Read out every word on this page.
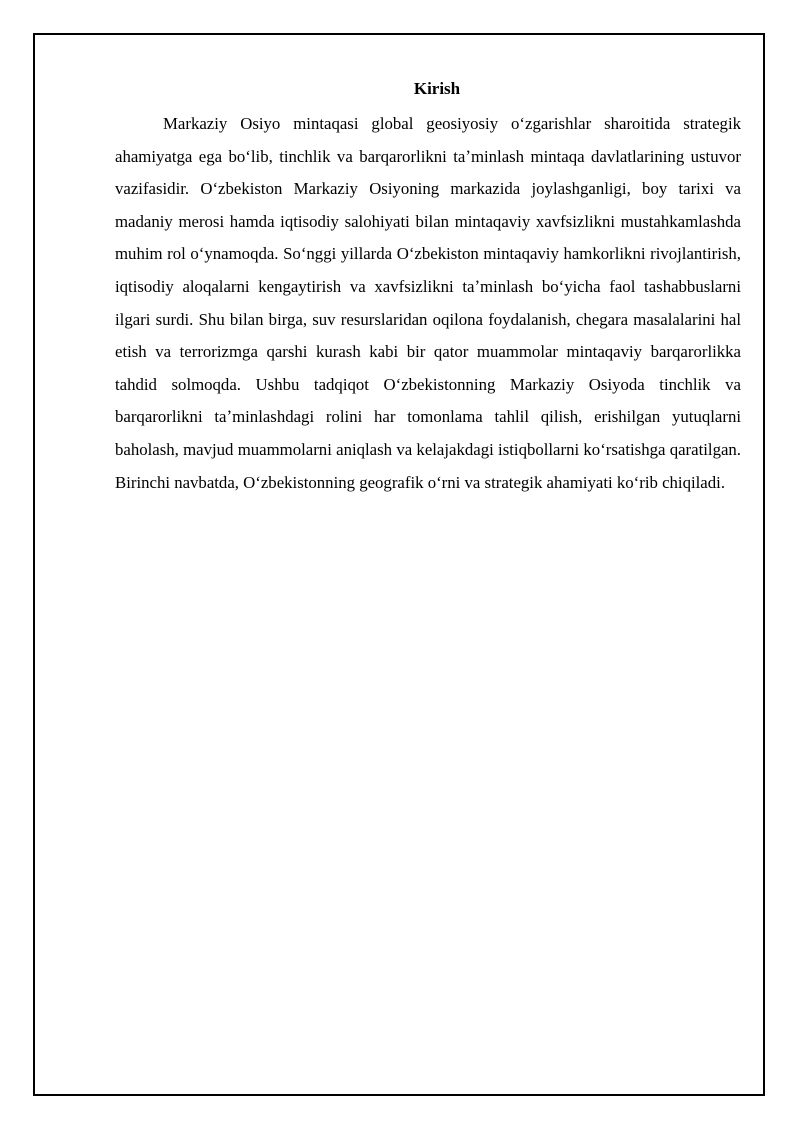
Kirish

Markaziy Osiyo mintaqasi global geosiyosiy oʻzgarishlar sharoitida strategik ahamiyatga ega boʻlib, tinchlik va barqarorlikni taʼminlash mintaqa davlatlarining ustuvor vazifasidir. Oʻzbekiston Markaziy Osiyoning markazida joylashganligi, boy tarixi va madaniy merosi hamda iqtisodiy salohiyati bilan mintaqaviy xavfsizlikni mustahkamlashda muhim rol oʻynamoqda. Soʻnggi yillarda Oʻzbekiston mintaqaviy hamkorlikni rivojlantirish, iqtisodiy aloqalarni kengaytirish va xavfsizlikni taʼminlash boʻyicha faol tashabbuslarni ilgari surdi. Shu bilan birga, suv resurslaridan oqilona foydalanish, chegara masalalarini hal etish va terrorizmga qarshi kurash kabi bir qator muammolar mintaqaviy barqarorlikka tahdid solmoqda. Ushbu tadqiqot Oʻzbekistonning Markaziy Osiyoda tinchlik va barqarorlikni taʼminlashdagi rolini har tomonlama tahlil qilish, erishilgan yutuqlarni baholash, mavjud muammolarni aniqlash va kelajakdagi istiqbollarni koʻrsatishga qaratilgan. Birinchi navbatda, Oʻzbekistonning geografik oʻrni va strategik ahamiyati koʻrib chiqiladi.
